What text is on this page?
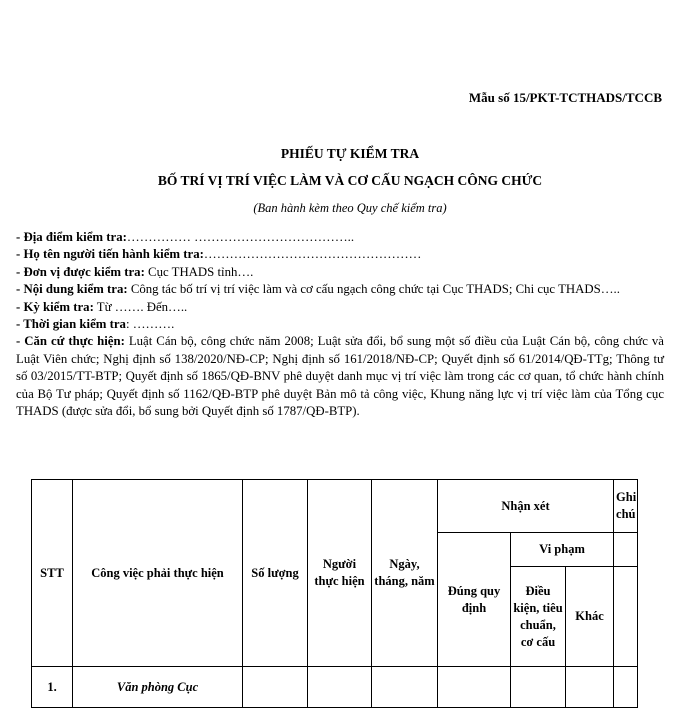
Mẫu số 15/PKT-TCTHADS/TCCB
PHIẾU TỰ KIỂM TRA
BỐ TRÍ VỊ TRÍ VIỆC LÀM VÀ CƠ CẤU NGẠCH CÔNG CHỨC
(Ban hành kèm theo Quy chế kiểm tra)

- Địa điểm kiểm tra:…………… ………………………………..

- Họ tên người tiến hành kiểm tra:……………………………………………

- Đơn vị được kiểm tra: Cục THADS tỉnh….

- Nội dung kiểm tra: Công tác bố trí vị trí việc làm và cơ cấu ngạch công chức tại Cục THADS; Chi cục THADS…..

- Kỳ kiểm tra: Từ ……. Đến…..

- Thời gian kiểm tra: ……….

- Căn cứ thực hiện: Luật Cán bộ, công chức năm 2008; Luật sửa đổi, bổ sung một số điều của Luật Cán bộ, công chức và Luật Viên chức; Nghị định số 138/2020/NĐ-CP; Nghị định số 161/2018/NĐ-CP; Quyết định số 61/2014/QĐ-TTg; Thông tư số 03/2015/TT-BTP; Quyết định số 1865/QĐ-BNV phê duyệt danh mục vị trí việc làm trong các cơ quan, tổ chức hành chính của Bộ Tư pháp; Quyết định số 1162/QĐ-BTP phê duyệt Bản mô tả công việc, Khung năng lực vị trí việc làm của Tổng cục THADS (được sửa đổi, bổ sung bởi Quyết định số 1787/QĐ-BTP).

STT	Công việc phải thực hiện	Số lượng	Người thực hiện	Ngày, tháng, năm	Nhận xét			Ghi chú
					Đúng quy định	Vi phạm		
						Điều kiện, tiêu chuẩn, cơ cấu	Khác	
1.	Văn phòng Cục							
